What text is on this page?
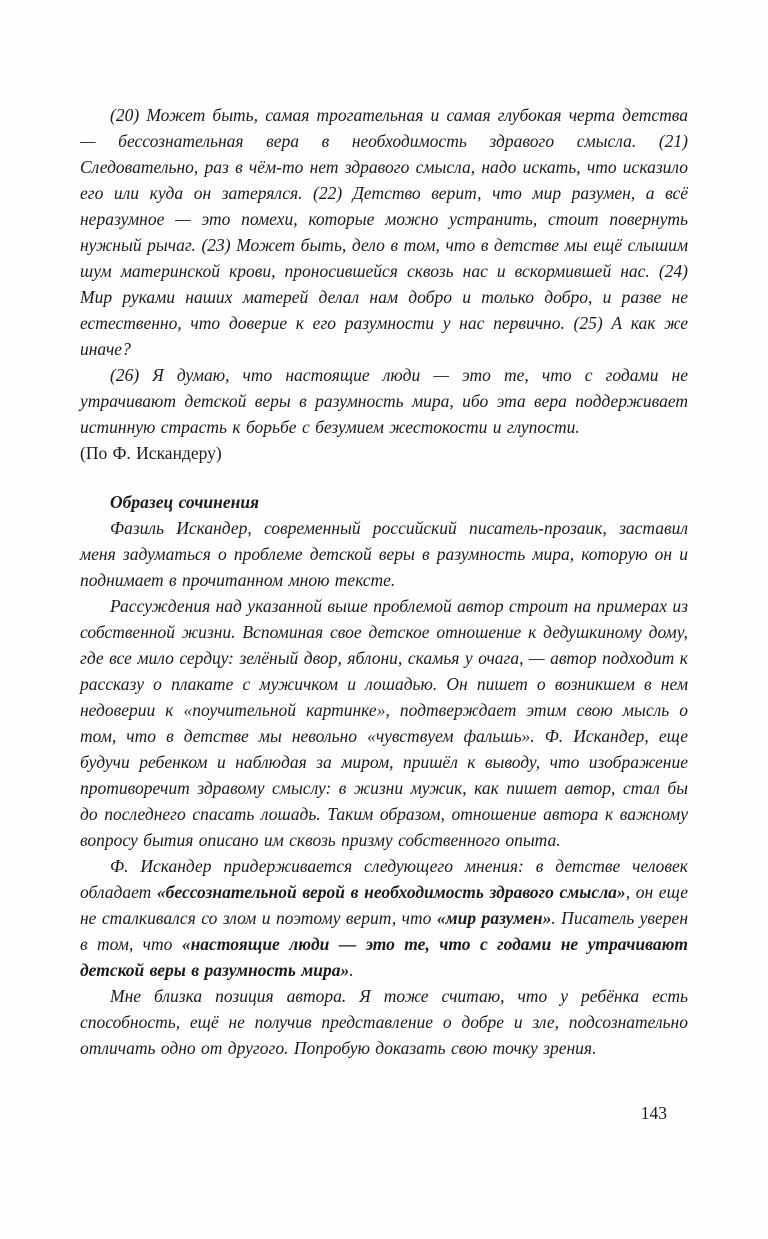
(20) Может быть, самая трогательная и самая глубокая черта детства — бессознательная вера в необходимость здравого смысла. (21) Следовательно, раз в чём-то нет здравого смысла, надо искать, что исказило его или куда он затерялся. (22) Детство верит, что мир разумен, а всё неразумное — это помехи, которые можно устранить, стоит повернуть нужный рычаг. (23) Может быть, дело в том, что в детстве мы ещё слышим шум материнской крови, проносившейся сквозь нас и вскормившей нас. (24) Мир руками наших матерей делал нам добро и только добро, и разве не естественно, что доверие к его разумности у нас первично. (25) А как же иначе?

(26) Я думаю, что настоящие люди — это те, что с годами не утрачивают детской веры в разумность мира, ибо эта вера поддерживает истинную страсть к борьбе с безумием жестокости и глупости.

(По Ф. Искандеру)

Образец сочинения

Фазиль Искандер, современный российский писатель-прозаик, заставил меня задуматься о проблеме детской веры в разумность мира, которую он и поднимает в прочитанном мною тексте.

Рассуждения над указанной выше проблемой автор строит на примерах из собственной жизни. Вспоминая свое детское отношение к дедушкиному дому, где все мило сердцу: зелёный двор, яблони, скамья у очага, — автор подходит к рассказу о плакате с мужичком и лошадью. Он пишет о возникшем в нем недоверии к «поучительной картинке», подтверждает этим свою мысль о том, что в детстве мы невольно «чувствуем фальшь». Ф. Искандер, еще будучи ребенком и наблюдая за миром, пришёл к выводу, что изображение противоречит здравому смыслу: в жизни мужик, как пишет автор, стал бы до последнего спасать лошадь. Таким образом, отношение автора к важному вопросу бытия описано им сквозь призму собственного опыта.

Ф. Искандер придерживается следующего мнения: в детстве человек обладает «бессознательной верой в необходимость здравого смысла», он еще не сталкивался со злом и поэтому верит, что «мир разумен». Писатель уверен в том, что «настоящие люди — это те, что с годами не утрачивают детской веры в разумность мира».

Мне близка позиция автора. Я тоже считаю, что у ребёнка есть способность, ещё не получив представление о добре и зле, подсознательно отличать одно от другого. Попробую доказать свою точку зрения.

143
